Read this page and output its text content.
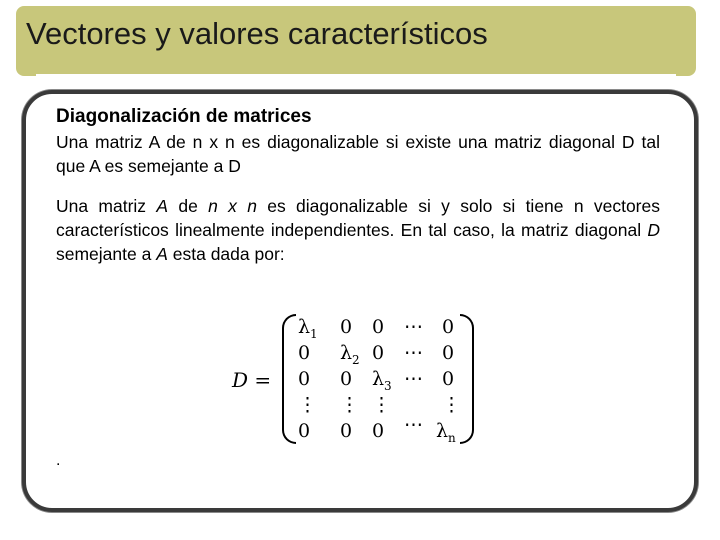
Vectores y valores característicos
Diagonalización de matrices
Una matriz A de n x n es diagonalizable si existe una matriz diagonal D tal que A es semejante a D
Una matriz A de n x n es diagonalizable si y solo si tiene n vectores característicos linealmente independientes. En tal caso, la matriz diagonal D semejante a A esta dada por:
D =
$\lambda_1$ 0 0 ⋯ 0
0 $\lambda_2$ 0 ⋯ 0
0 0 $\lambda_3$ ⋯ 0
⋮ ⋮ ⋮	⋮
0 0 0 ⋯ $\lambda_n$
.
